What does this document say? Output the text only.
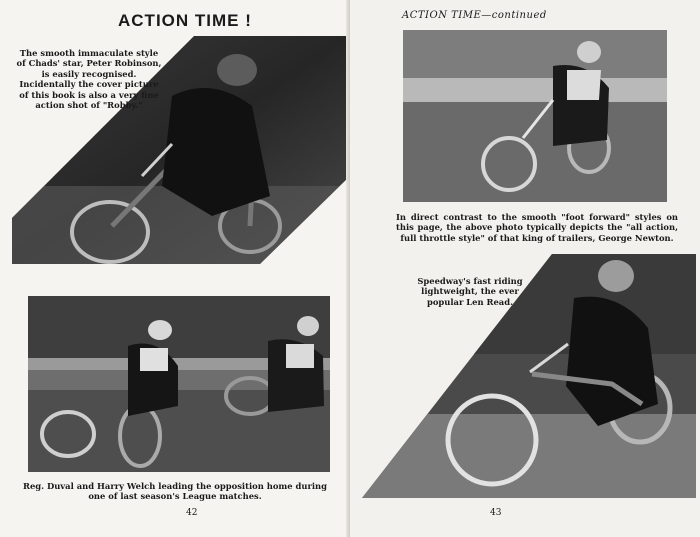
ACTION TIME !
The smooth immaculate style of Chads' star, Peter Robinson, is easily recognised. Incidentally the cover picture of this book is also a very fine action shot of "Robby."
Reg. Duval and Harry Welch leading the opposition home during one of last season's League matches.
42
ACTION TIME—continued
In direct contrast to the smooth "foot forward" styles on this page, the above photo typically depicts the "all action, full throttle style" of that king of trailers, George Newton.
Speedway's fast riding lightweight, the ever popular Len Read.
43
